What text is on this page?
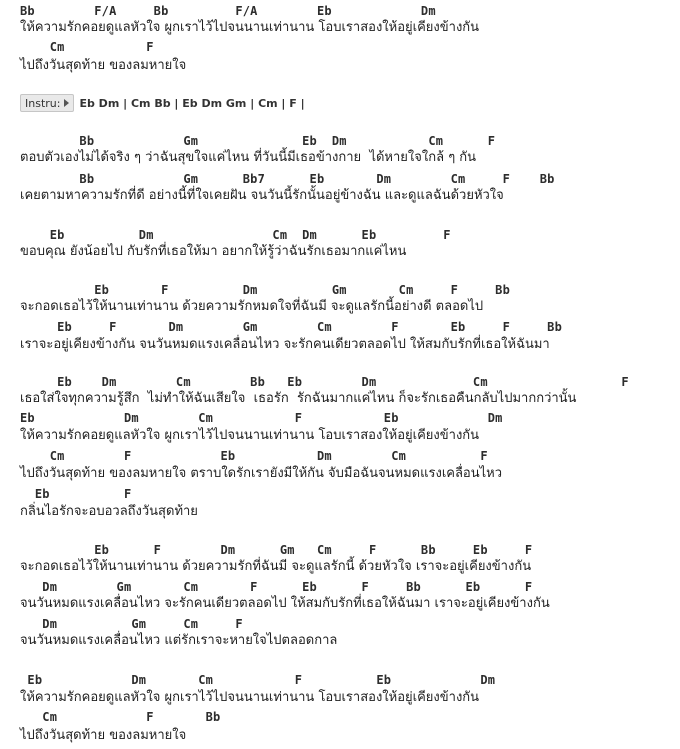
Bb        F/A     Bb         F/A        Eb            Dm
ให้ความรักคอยดูแลหัวใจ ผูกเราไว้ไปจนนานเท่านาน โอบเราสองให้อยู่เคียงข้างกัน
Cm           F
ไปถึงวันสุดท้าย ของลมหายใจ
Instru: Eb Dm | Cm Bb | Eb Dm Gm | Cm | F |
Bb            Gm              Eb  Dm           Cm      F
ตอบตัวเองไม่ได้จริง ๆ ว่าฉันสุขใจแค่ไหน ที่วันนี้มีเธอข้างกาย  ได้หายใจใกล้ ๆ กัน
Bb            Gm      Bb7      Eb       Dm        Cm     F    Bb
เคยตามหาความรักที่ดี อย่างนี้ที่ใจเคยฝัน จนวันนี้รักนั้นอยู่ข้างฉัน และดูแลฉันด้วยหัวใจ
Eb          Dm                Cm  Dm      Eb         F
ขอบคุณ ยังน้อยไป กับรักที่เธอให้มา อยากให้รู้ว่าฉันรักเธอมากแค่ไหน
Eb       F          Dm          Gm       Cm     F     Bb
จะกอดเธอไว้ให้นานเท่านาน ด้วยความรักหมดใจที่ฉันมี จะดูแลรักนี้อย่างดี ตลอดไป
Eb     F       Dm        Gm        Cm        F       Eb     F     Bb
เราจะอยู่เคียงข้างกัน จนวันหมดแรงเคลื่อนไหว จะรักคนเดียวตลอดไป ให้สมกับรักที่เธอให้ฉันมา
Eb    Dm        Cm        Bb   Eb        Dm             Cm                  F
เธอใส่ใจทุกความรู้สึก  ไม่ทำให้ฉันเสียใจ  เธอรัก  รักฉันมากแค่ไหน ก็จะรักเธอคืนกลับไปมากกว่านั้น
Eb            Dm        Cm           F           Eb            Dm
ให้ความรักคอยดูแลหัวใจ ผูกเราไว้ไปจนนานเท่านาน โอบเราสองให้อยู่เคียงข้างกัน
Cm        F            Eb           Dm        Cm          F
ไปถึงวันสุดท้าย ของลมหายใจ ตราบใดรักเรายังมีให้กัน จับมือฉันจนหมดแรงเคลื่อนไหว
Eb          F
กลิ่นไอรักจะอบอวลถึงวันสุดท้าย
Eb      F        Dm      Gm   Cm     F      Bb     Eb     F
จะกอดเธอไว้ให้นานเท่านาน ด้วยความรักที่ฉันมี จะดูแลรักนี้ ด้วยหัวใจ เราจะอยู่เคียงข้างกัน
Dm        Gm       Cm       F      Eb      F     Bb      Eb      F
จนวันหมดแรงเคลื่อนไหว จะรักคนเดียวตลอดไป ให้สมกับรักที่เธอให้ฉันมา เราจะอยู่เคียงข้างกัน
Dm          Gm     Cm     F
จนวันหมดแรงเคลื่อนไหว แต่รักเราจะหายใจไปตลอดกาล
Eb            Dm       Cm           F          Eb            Dm
ให้ความรักคอยดูแลหัวใจ ผูกเราไว้ไปจนนานเท่านาน โอบเราสองให้อยู่เคียงข้างกัน
Cm            F       Bb
ไปถึงวันสุดท้าย ของลมหายใจ
